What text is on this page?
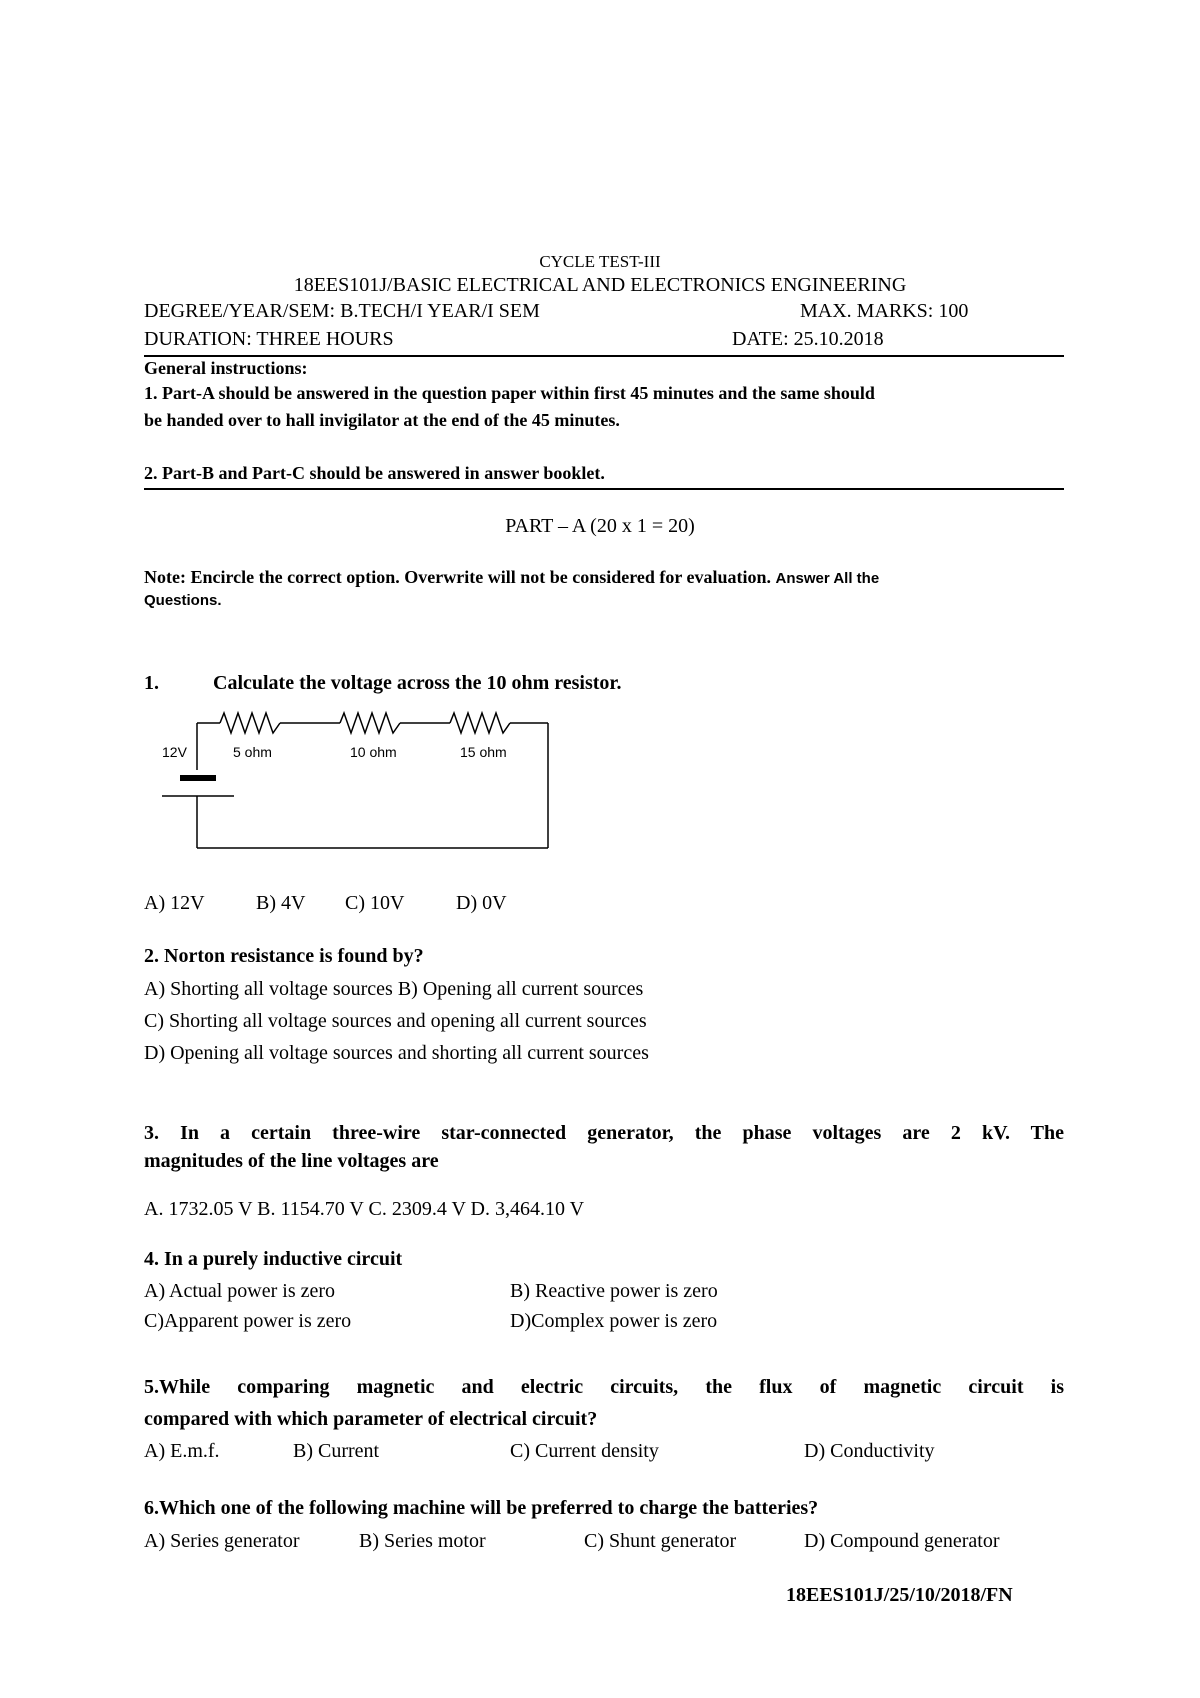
CYCLE TEST-III
18EES101J/BASIC ELECTRICAL AND ELECTRONICS ENGINEERING
DEGREE/YEAR/SEM: B.TECH/I YEAR/I SEM	MAX. MARKS: 100
DURATION: THREE HOURS	DATE: 25.10.2018
General instructions:
1. Part-A should be answered in the question paper within first 45 minutes and the same should
be handed over to hall invigilator at the end of the 45 minutes.
2. Part-B and Part-C should be answered in answer booklet.
PART – A (20 x 1 = 20)
Note: Encircle the correct option. Overwrite will not be considered for evaluation. Answer All the
Questions.
1.	Calculate the voltage across the 10 ohm resistor.
12V	5 ohm	10 ohm	15 ohm
A) 12V	B) 4V C) 10V	D) 0V
2. Norton resistance is found by?
A) Shorting all voltage sources B) Opening all current sources
C) Shorting all voltage sources and opening all current sources
D) Opening all voltage sources and shorting all current sources
3. In a certain three-wire star-connected generator, the phase voltages are 2 kV. The
magnitudes of the line voltages are
A. 1732.05 V B. 1154.70 V C. 2309.4 V D. 3,464.10 V
4. In a purely inductive circuit
A) Actual power is zero	B) Reactive power is zero
C)Apparent power is zero	D)Complex power is zero
5.While comparing magnetic and electric circuits, the flux of magnetic circuit is
compared with which parameter of electrical circuit?
A) E.m.f.	B) Current	C) Current density	D) Conductivity
6.Which one of the following machine will be preferred to charge the batteries?
A) Series generator	B) Series motor	C) Shunt generator	D) Compound generator
18EES101J/25/10/2018/FN
